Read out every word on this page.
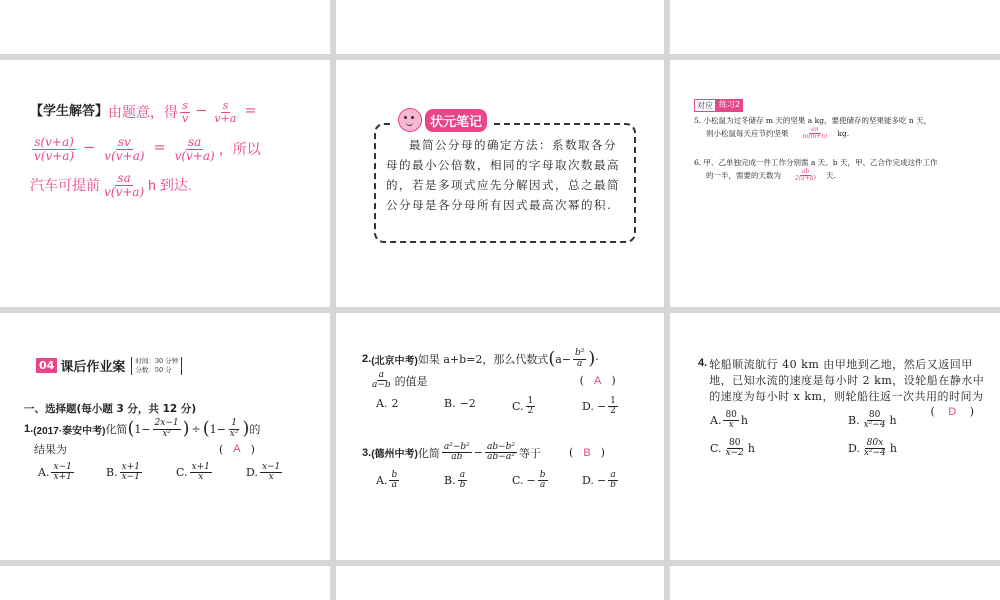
【学生解答】 由题意，得 $\frac{s}{v} - \frac{s}{v+a}$ =
$\frac{s(v+a)}{v(v+a)} - \frac{sv}{v(v+a)} = \frac{sa}{v(v+a)}$ ，所以
汽车可提前 $\frac{sa}{v(v+a)}$ h 到达.
状元笔记
最简公分母的确定方法：系数取各分母的最小公倍数，相同的字母取次数最高的，若是多项式应先分解因式，总之最简公分母是各分母所有因式最高次幂的积.
对应 练习2
5. 小松鼠为过冬储存 m 天的坚果 a kg，要使储存的坚果能多吃 n 天，
则小松鼠每天应节约坚果 $\frac{an}{m(m+n)}$ kg.
6. 甲、乙单独完成一件工作分别需 a 天、b 天，甲、乙合作完成这件工作
的一半，需要的天数为 $\frac{ab}{2(a+b)}$ 天.
04 课后作业案 时间：30 分钟
分数：50 分
一、选择题(每小题 3 分，共 12 分)
1. (2017·泰安中考) 化简 ( $1- \frac{2x-1}{\text{x²}}$ ) ÷ ( $1- \frac{1}{\text{x²}}$ ) 的
结果为	( A )
A. $\frac{x-1}{x+1}$	B. $\frac{x+1}{x-1}$	C. $\frac{x+1}{x}$	D. $\frac{x-1}{x}$
2. (北京中考) 如果 a+b=2，那么代数式 ( $a- \frac{\text{b²}}{a}$ ) ·
$\frac{a}{a-b}$ 的值是	( A )
A. 2	B. −2	C. $\frac{1}{2}$	D. − $\frac{1}{2}$
3. (德州中考) 化简 $\frac{\text{a²−b²}}{ab} - \frac{\text{ab−b²}}{\text{ab−a²}}$ 等于	( B )
A. $\frac{b}{a}$	B. $\frac{a}{b}$	C. − $\frac{b}{a}$	D. − $\frac{a}{b}$
4. 轮船顺流航行 40 km 由甲地到乙地，然后又返回甲地，已知水流的速度是每小时 2 km，设轮船在静水中的速度为每小时 x km，则轮船往返一次共用的时间为
( D )
A. $\frac{80}{x}$ h	B. $\frac{80}{\text{x²−4}}$ h
C. $\frac{80}{x-2}$ h	D. $\frac{80x}{\text{x²−4}}$ h
